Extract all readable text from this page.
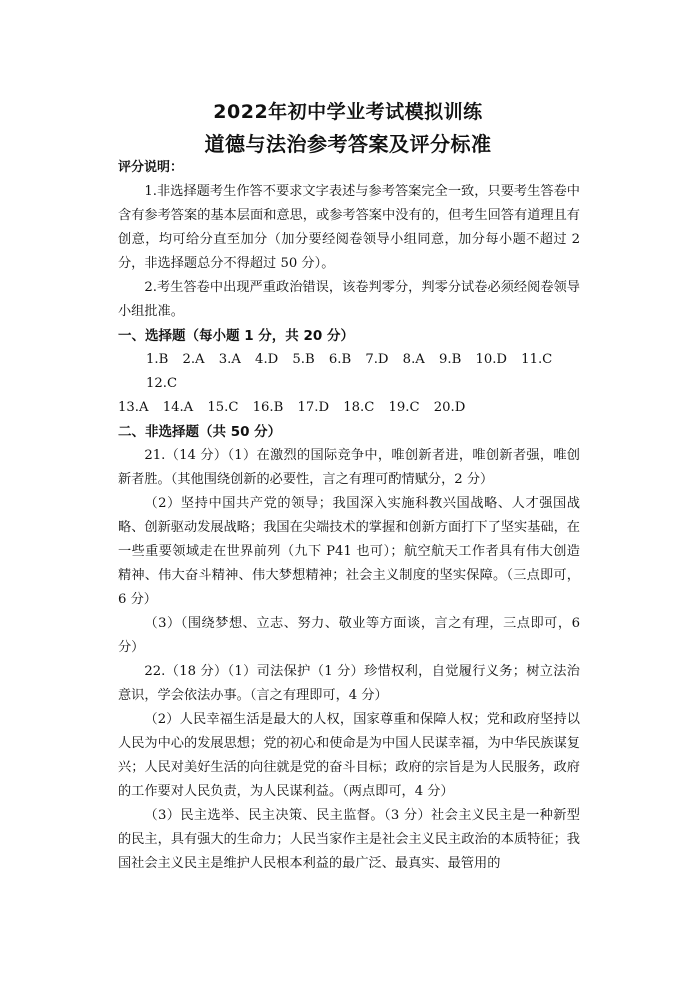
2022年初中学业考试模拟训练
道德与法治参考答案及评分标准
评分说明：

1.非选择题考生作答不要求文字表述与参考答案完全一致，只要考生答卷中含有参考答案的基本层面和意思，或参考答案中没有的，但考生回答有道理且有创意，均可给分直至加分（加分要经阅卷领导小组同意，加分每小题不超过 2 分，非选择题总分不得超过 50 分）。

2.考生答卷中出现严重政治错误，该卷判零分，判零分试卷必须经阅卷领导小组批准。

一、选择题（每小题 1 分，共 20 分）

1.B 2.A 3.A 4.D 5.B 6.B 7.D 8.A 9.B 10.D 11.C 12.C

13.A 14.A 15.C 16.B 17.D 18.C 19.C 20.D

二、非选择题（共 50 分）

21.（14 分）（1）在激烈的国际竞争中，唯创新者进，唯创新者强，唯创新者胜。（其他围绕创新的必要性，言之有理可酌情赋分，2 分）

（2）坚持中国共产党的领导；我国深入实施科教兴国战略、人才强国战略、创新驱动发展战略；我国在尖端技术的掌握和创新方面打下了坚实基础，在一些重要领域走在世界前列（九下 P41 也可）；航空航天工作者具有伟大创造精神、伟大奋斗精神、伟大梦想精神；社会主义制度的坚实保障。（三点即可，6 分）

（3）（围绕梦想、立志、努力、敬业等方面谈，言之有理，三点即可，6 分）

22.（18 分）（1）司法保护（1 分）珍惜权利，自觉履行义务；树立法治意识，学会依法办事。（言之有理即可，4 分）

（2）人民幸福生活是最大的人权，国家尊重和保障人权；党和政府坚持以人民为中心的发展思想；党的初心和使命是为中国人民谋幸福，为中华民族谋复兴；人民对美好生活的向往就是党的奋斗目标；政府的宗旨是为人民服务，政府的工作要对人民负责，为人民谋利益。（两点即可，4 分）

（3）民主选举、民主决策、民主监督。（3 分）社会主义民主是一种新型的民主，具有强大的生命力；人民当家作主是社会主义民主政治的本质特征；我国社会主义民主是维护人民根本利益的最广泛、最真实、最管用的
